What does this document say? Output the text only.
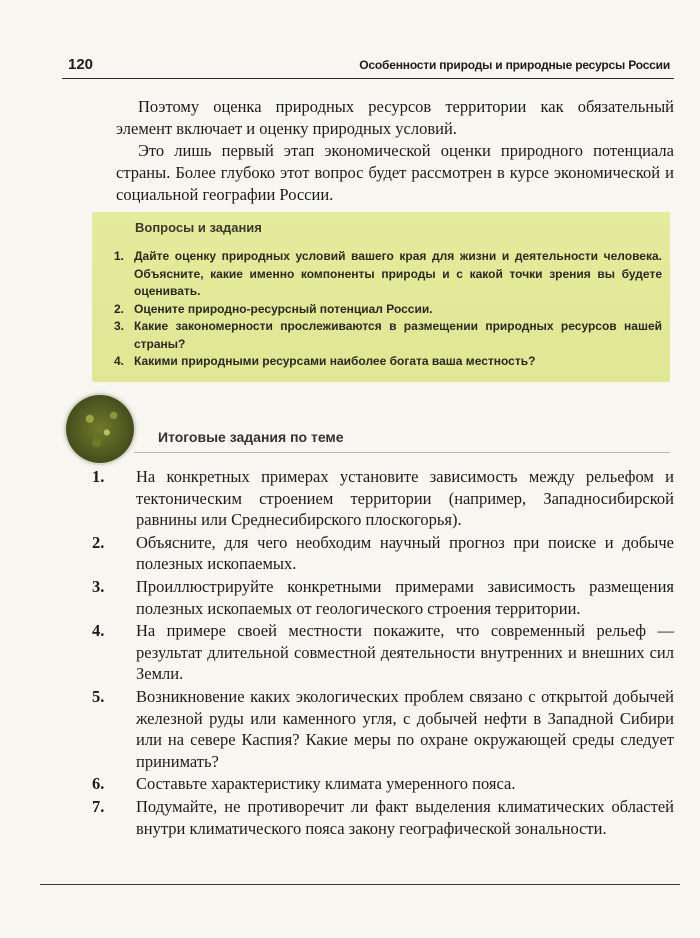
120	Особенности природы и природные ресурсы России

Поэтому оценка природных ресурсов территории как обязательный элемент включает и оценку природных условий.

Это лишь первый этап экономической оценки природного потенциала страны. Более глубоко этот вопрос будет рассмотрен в курсе экономической и социальной географии России.

Вопросы и задания
1. Дайте оценку природных условий вашего края для жизни и деятельности человека. Объясните, какие именно компоненты природы и с какой точки зрения вы будете оценивать.
2. Оцените природно-ресурсный потенциал России.
3. Какие закономерности прослеживаются в размещении природных ресурсов нашей страны?
4. Какими природными ресурсами наиболее богата ваша местность?
Итоговые задания по теме
1. На конкретных примерах установите зависимость между рельефом и тектоническим строением территории (например, Западносибирской равнины или Среднесибирского плоскогорья).
2. Объясните, для чего необходим научный прогноз при поиске и добыче полезных ископаемых.
3. Проиллюстрируйте конкретными примерами зависимость размещения полезных ископаемых от геологического строения территории.
4. На примере своей местности покажите, что современный рельеф — результат длительной совместной деятельности внутренних и внешних сил Земли.
5. Возникновение каких экологических проблем связано с открытой добычей железной руды или каменного угля, с добычей нефти в Западной Сибири или на севере Каспия? Какие меры по охране окружающей среды следует принимать?
6. Составьте характеристику климата умеренного пояса.
7. Подумайте, не противоречит ли факт выделения климатических областей внутри климатического пояса закону географической зональности.
